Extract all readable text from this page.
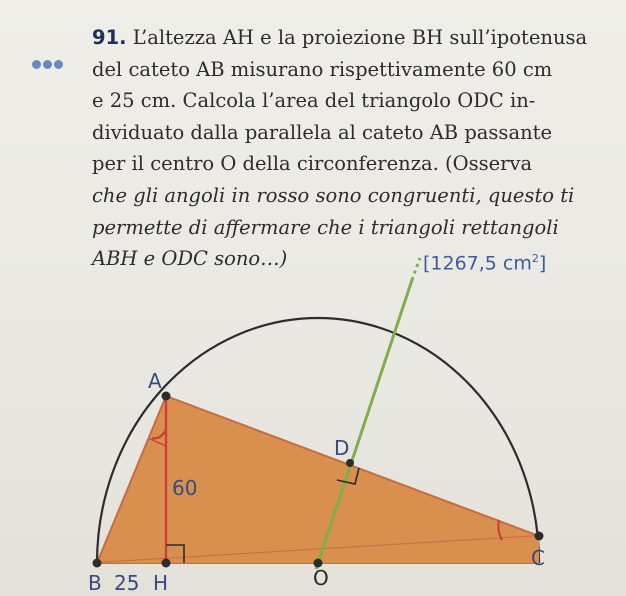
91. L’altezza AH e la proiezione BH sull’ipotenusa
del cateto AB misurano rispettivamente 60 cm
e 25 cm. Calcola l’area del triangolo ODC in-
dividuato dalla parallela al cateto AB passante
per il centro O della circonferenza. (Osserva
che gli angoli in rosso sono congruenti, questo ti
permette di affermare che i triangoli rettangoli
ABH e ODC sono…)	[1267,5 $cm^2$]
A
B 25 H
60
O
D
C
